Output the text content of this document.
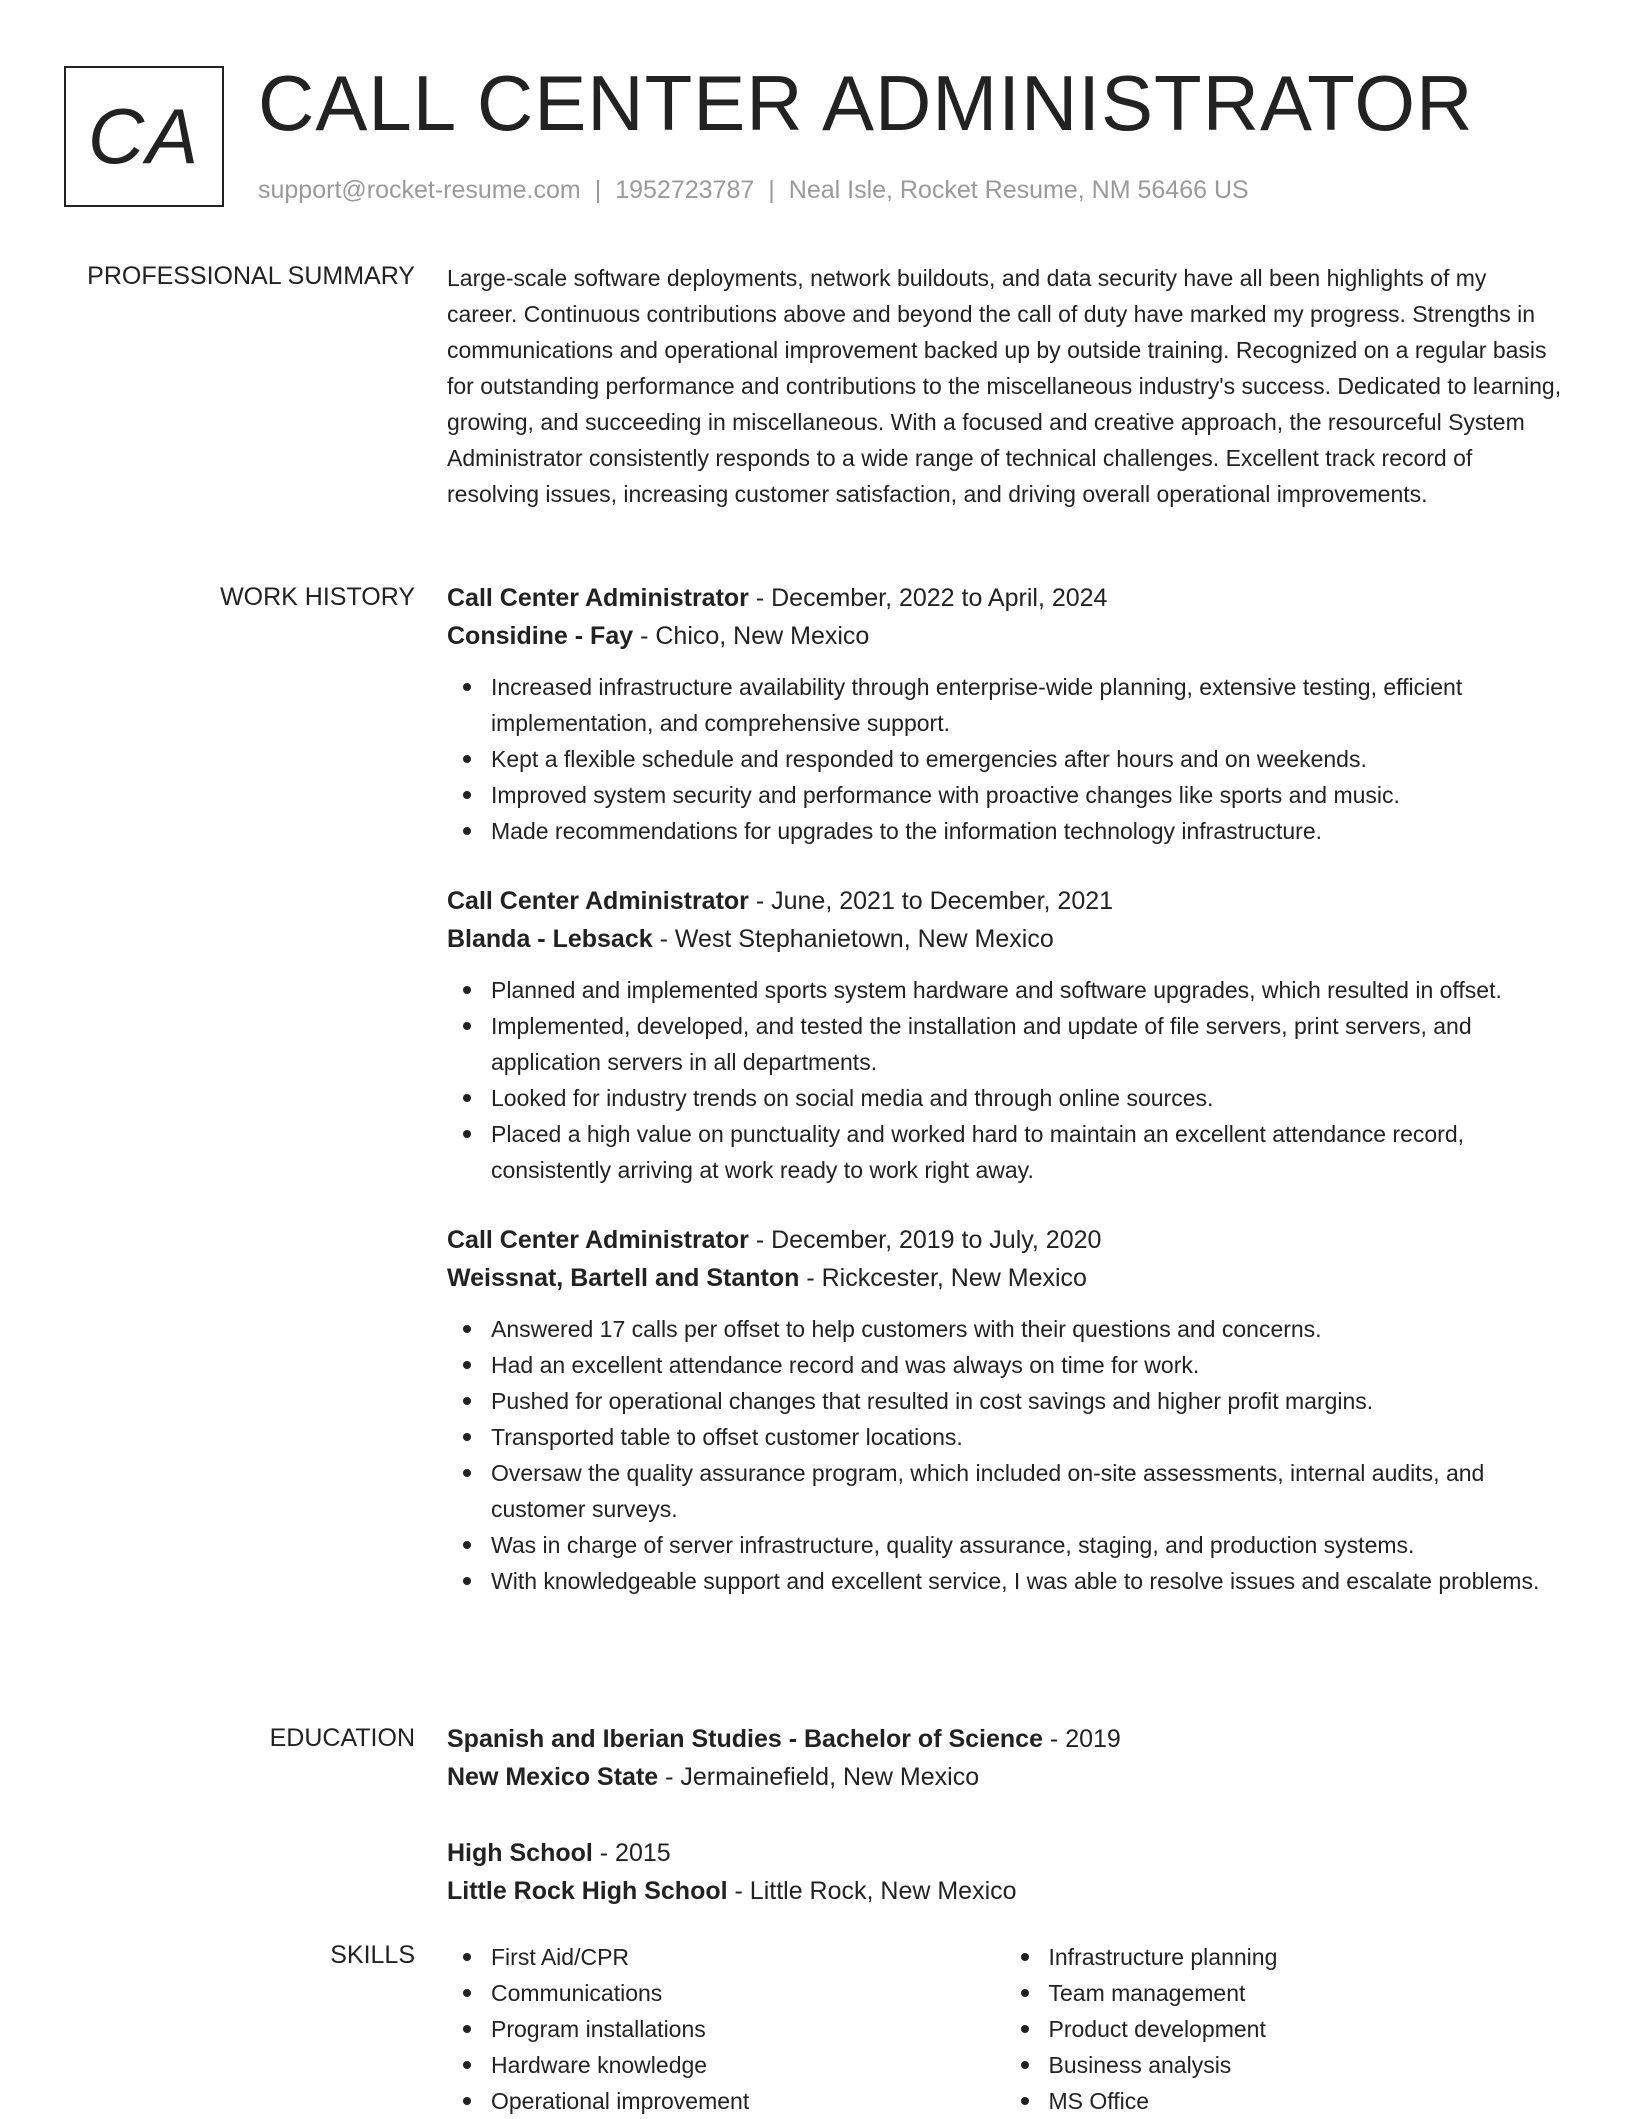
CA CALL CENTER ADMINISTRATOR
support@rocket-resume.com | 1952723787 | Neal Isle, Rocket Resume, NM 56466 US
PROFESSIONAL SUMMARY Large-scale software deployments, network buildouts, and data security have all been highlights of my career. Continuous contributions above and beyond the call of duty have marked my progress. Strengths in communications and operational improvement backed up by outside training. Recognized on a regular basis for outstanding performance and contributions to the miscellaneous industry's success. Dedicated to learning, growing, and succeeding in miscellaneous. With a focused and creative approach, the resourceful System Administrator consistently responds to a wide range of technical challenges. Excellent track record of resolving issues, increasing customer satisfaction, and driving overall operational improvements.

WORK HISTORY Call Center Administrator - December, 2022 to April, 2024
Considine - Fay - Chico, New Mexico
Increased infrastructure availability through enterprise-wide planning, extensive testing, efficient implementation, and comprehensive support.
Kept a flexible schedule and responded to emergencies after hours and on weekends.
Improved system security and performance with proactive changes like sports and music.
Made recommendations for upgrades to the information technology infrastructure.
Call Center Administrator - June, 2021 to December, 2021
Blanda - Lebsack - West Stephanietown, New Mexico
Planned and implemented sports system hardware and software upgrades, which resulted in offset.
Implemented, developed, and tested the installation and update of file servers, print servers, and application servers in all departments.
Looked for industry trends on social media and through online sources.
Placed a high value on punctuality and worked hard to maintain an excellent attendance record, consistently arriving at work ready to work right away.
Call Center Administrator - December, 2019 to July, 2020
Weissnat, Bartell and Stanton - Rickcester, New Mexico
Answered 17 calls per offset to help customers with their questions and concerns.
Had an excellent attendance record and was always on time for work.
Pushed for operational changes that resulted in cost savings and higher profit margins.
Transported table to offset customer locations.
Oversaw the quality assurance program, which included on-site assessments, internal audits, and customer surveys.
Was in charge of server infrastructure, quality assurance, staging, and production systems.
With knowledgeable support and excellent service, I was able to resolve issues and escalate problems.
EDUCATION Spanish and Iberian Studies - Bachelor of Science - 2019
New Mexico State - Jermainefield, New Mexico
High School - 2015
Little Rock High School - Little Rock, New Mexico
SKILLS	First Aid/CPR
Communications
Program installations
Hardware knowledge
Operational improvement
Infrastructure planning
Team management
Product development
Business analysis
MS Office
